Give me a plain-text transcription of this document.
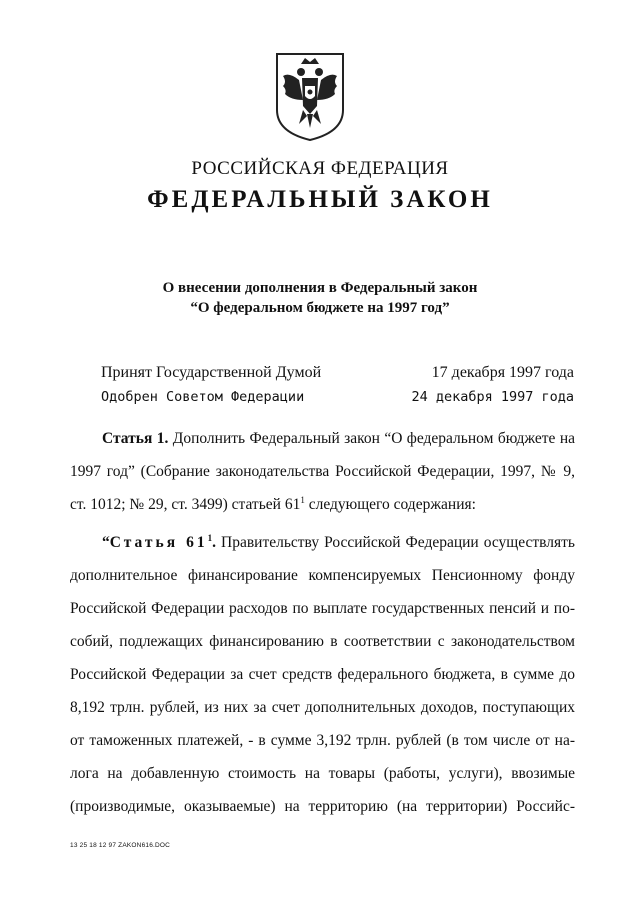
РОССИЙСКАЯ ФЕДЕРАЦИЯ
ФЕДЕРАЛЬНЫЙ ЗАКОН
О внесении дополнения в Федеральный закон
“О федеральном бюджете на 1997 год”
Принят Государственной Думой	17 декабря 1997 года
Одобрен Советом Федерации	24 декабря 1997 года
Статья 1. Дополнить Федеральный закон “О федеральном бюджете на
1997 год” (Собрание законодательства Российской Федерации, 1997, № 9,
ст. 1012; № 29, ст. 3499) статьей $61^1$ следующего содержания:
“Статья $61^1$. Правительству Российской Федерации осуществлять
дополнительное финансирование компенсируемых Пенсионному фонду
Российской Федерации расходов по выплате государственных пенсий и по-
собий, подлежащих финансированию в соответствии с законодательством
Российской Федерации за счет средств федерального бюджета, в сумме до
8,192 трлн. рублей, из них за счет дополнительных доходов, поступающих
от таможенных платежей, - в сумме 3,192 трлн. рублей (в том числе от на-
лога на добавленную стоимость на товары (работы, услуги), ввозимые
(производимые, оказываемые) на территорию (на территории) Российс-
13 25 18 12 97 ZAKON616.DOC
